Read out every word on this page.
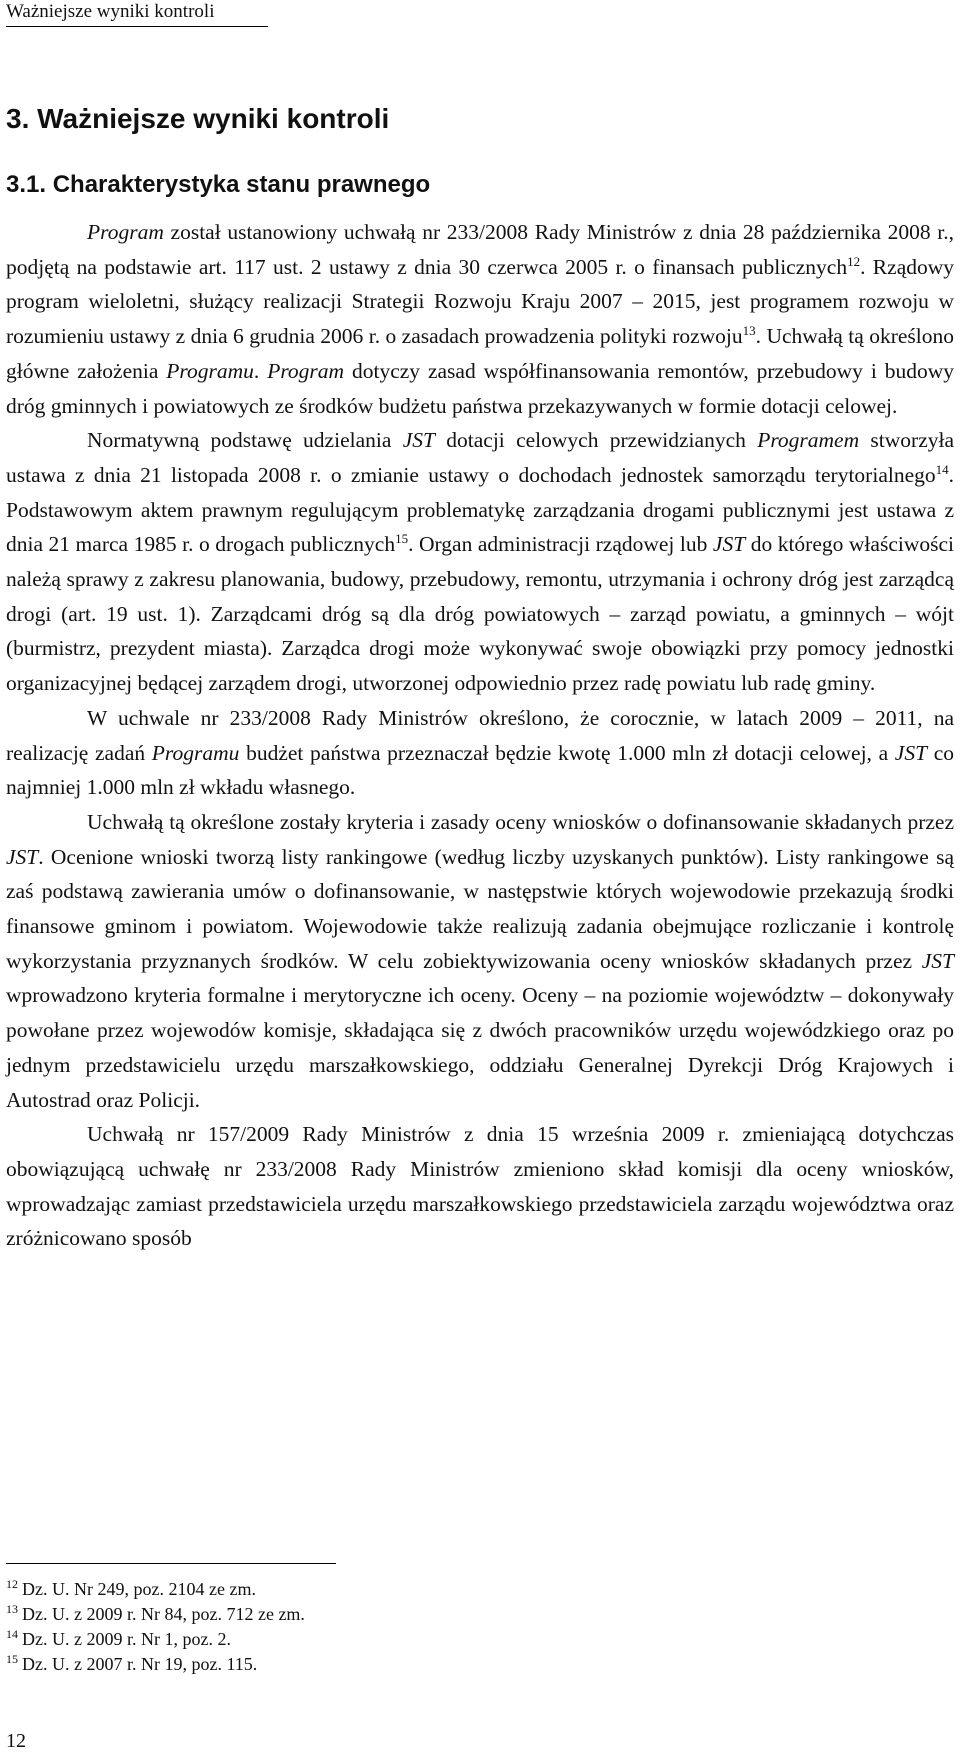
Ważniejsze wyniki kontroli
3. Ważniejsze wyniki kontroli
3.1. Charakterystyka stanu prawnego

Program został ustanowiony uchwałą nr 233/2008 Rady Ministrów z dnia 28 października 2008 r., podjętą na podstawie art. 117 ust. 2 ustawy z dnia 30 czerwca 2005 r. o finansach publicznych$^{12}$. Rządowy program wieloletni, służący realizacji Strategii Rozwoju Kraju 2007 – 2015, jest programem rozwoju w rozumieniu ustawy z dnia 6 grudnia 2006 r. o zasadach prowadzenia polityki rozwoju$^{13}$. Uchwałą tą określono główne założenia Programu. Program dotyczy zasad współfinansowania remontów, przebudowy i budowy dróg gminnych i powiatowych ze środków budżetu państwa przekazywanych w formie dotacji celowej.

Normatywną podstawę udzielania JST dotacji celowych przewidzianych Programem stworzyła ustawa z dnia 21 listopada 2008 r. o zmianie ustawy o dochodach jednostek samorządu terytorialnego$^{14}$. Podstawowym aktem prawnym regulującym problematykę zarządzania drogami publicznymi jest ustawa z dnia 21 marca 1985 r. o drogach publicznych$^{15}$. Organ administracji rządowej lub JST do którego właściwości należą sprawy z zakresu planowania, budowy, przebudowy, remontu, utrzymania i ochrony dróg jest zarządcą drogi (art. 19 ust. 1). Zarządcami dróg są dla dróg powiatowych – zarząd powiatu, a gminnych – wójt (burmistrz, prezydent miasta). Zarządca drogi może wykonywać swoje obowiązki przy pomocy jednostki organizacyjnej będącej zarządem drogi, utworzonej odpowiednio przez radę powiatu lub radę gminy.

W uchwale nr 233/2008 Rady Ministrów określono, że corocznie, w latach 2009 – 2011, na realizację zadań Programu budżet państwa przeznaczał będzie kwotę 1.000 mln zł dotacji celowej, a JST co najmniej 1.000 mln zł wkładu własnego.

Uchwałą tą określone zostały kryteria i zasady oceny wniosków o dofinansowanie składanych przez JST. Ocenione wnioski tworzą listy rankingowe (według liczby uzyskanych punktów). Listy rankingowe są zaś podstawą zawierania umów o dofinansowanie, w następstwie których wojewodowie przekazują środki finansowe gminom i powiatom. Wojewodowie także realizują zadania obejmujące rozliczanie i kontrolę wykorzystania przyznanych środków. W celu zobiektywizowania oceny wniosków składanych przez JST wprowadzono kryteria formalne i merytoryczne ich oceny. Oceny – na poziomie województw – dokonywały powołane przez wojewodów komisje, składająca się z dwóch pracowników urzędu wojewódzkiego oraz po jednym przedstawicielu urzędu marszałkowskiego, oddziału Generalnej Dyrekcji Dróg Krajowych i Autostrad oraz Policji.

Uchwałą nr 157/2009 Rady Ministrów z dnia 15 września 2009 r. zmieniającą dotychczas obowiązującą uchwałę nr 233/2008 Rady Ministrów zmieniono skład komisji dla oceny wniosków, wprowadzając zamiast przedstawiciela urzędu marszałkowskiego przedstawiciela zarządu województwa oraz zróżnicowano sposób

$^{12}$ Dz. U. Nr 249, poz. 2104 ze zm.
$^{13}$ Dz. U. z 2009 r. Nr 84, poz. 712 ze zm.
$^{14}$ Dz. U. z 2009 r. Nr 1, poz. 2.
$^{15}$ Dz. U. z 2007 r. Nr 19, poz. 115.
12
